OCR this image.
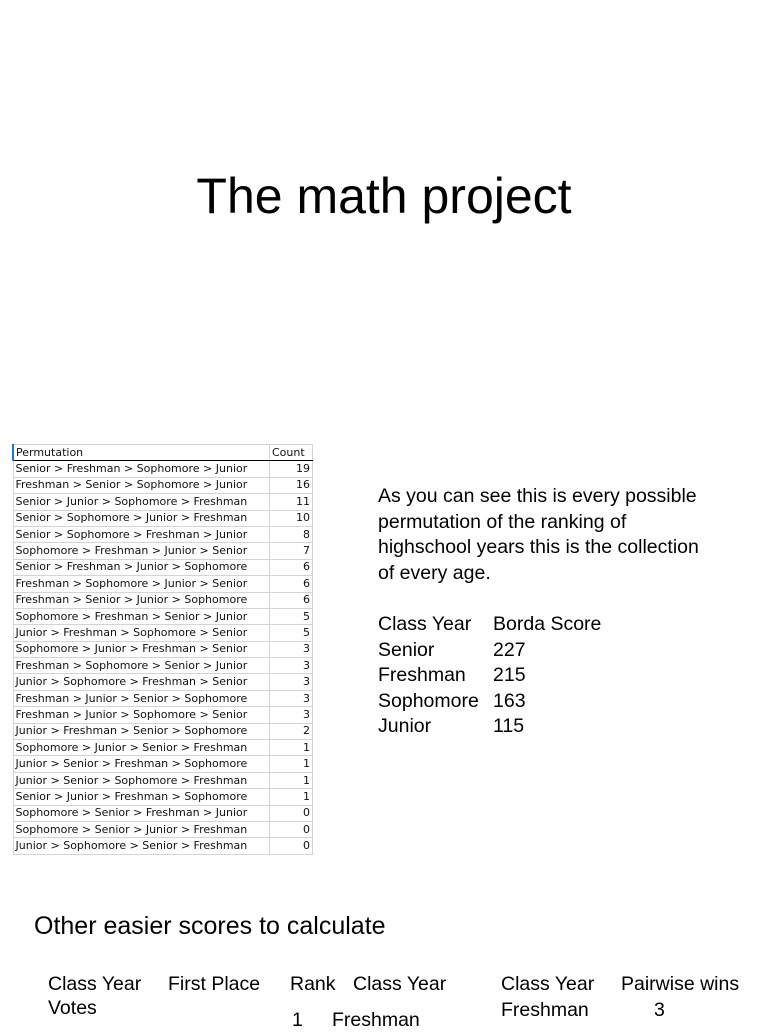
The math project
Permutation	Count
Senior > Freshman > Sophomore > Junior	19
Freshman > Senior > Sophomore > Junior	16
Senior > Junior > Sophomore > Freshman	11
Senior > Sophomore > Junior > Freshman	10
Senior > Sophomore > Freshman > Junior	8
Sophomore > Freshman > Junior > Senior	7
Senior > Freshman > Junior > Sophomore	6
Freshman > Sophomore > Junior > Senior	6
Freshman > Senior > Junior > Sophomore	6
Sophomore > Freshman > Senior > Junior	5
Junior > Freshman > Sophomore > Senior	5
Sophomore > Junior > Freshman > Senior	3
Freshman > Sophomore > Senior > Junior	3
Junior > Sophomore > Freshman > Senior	3
Freshman > Junior > Senior > Sophomore	3
Freshman > Junior > Sophomore > Senior	3
Junior > Freshman > Senior > Sophomore	2
Sophomore > Junior > Senior > Freshman	1
Junior > Senior > Freshman > Sophomore	1
Junior > Senior > Sophomore > Freshman	1
Senior > Junior > Freshman > Sophomore	1
Sophomore > Senior > Freshman > Junior	0
Sophomore > Senior > Junior > Freshman	0
Junior > Sophomore > Senior > Freshman	0
As you can see this is every possible
permutation of the ranking of
highschool years this is the collection
of every age.
Class Year	Borda Score
Senior	227
Freshman	215
Sophomore 163
Junior	115
Other easier scores to calculate
Class Year First Place
Votes
Rank Class Year
1 Freshman
Class Year Pairwise wins
Freshman	3
